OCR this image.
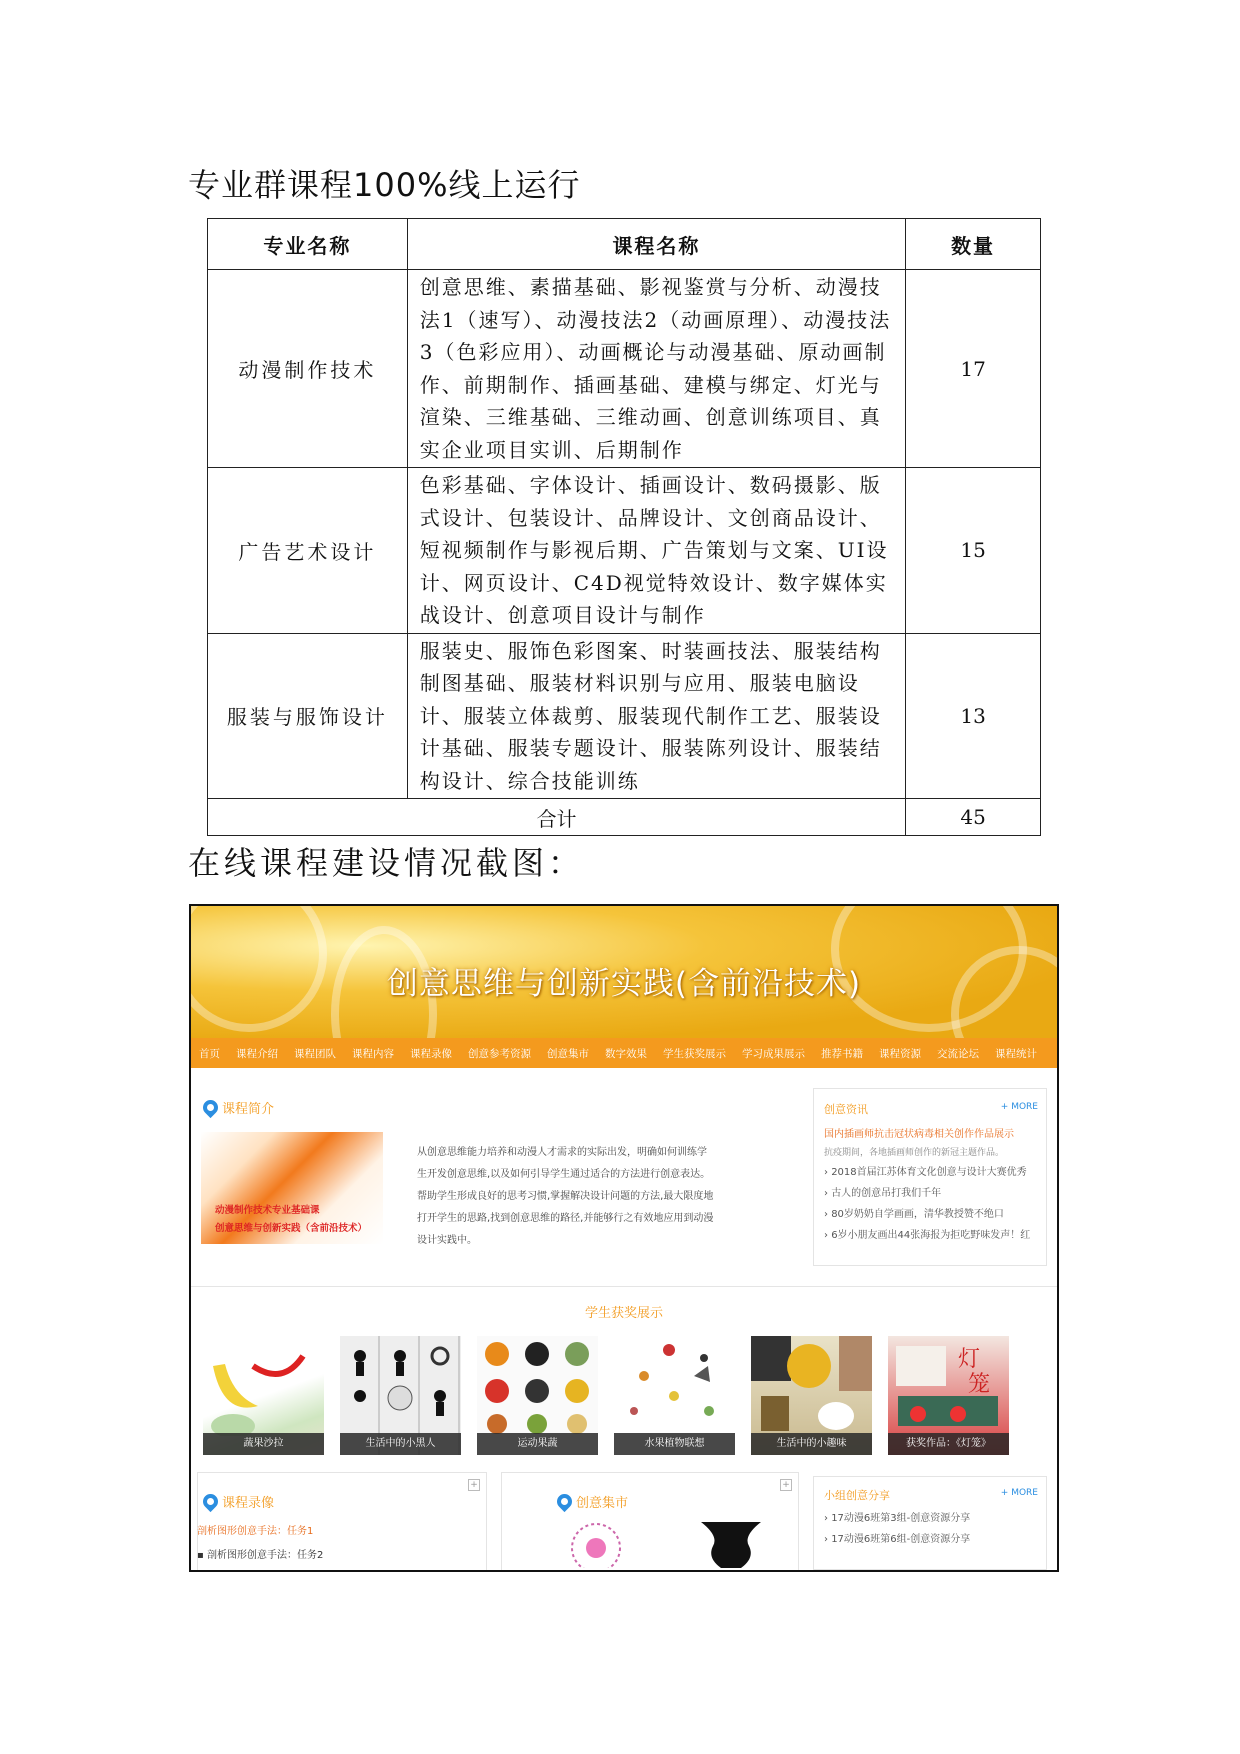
专业群课程100%线上运行
专业名称	课程名称	数量
动漫制作技术	创意思维、素描基础、影视鉴赏与分析、动漫技法1（速写）、动漫技法2（动画原理）、动漫技法3（色彩应用）、动画概论与动漫基础、原动画制作、前期制作、插画基础、建模与绑定、灯光与渲染、三维基础、三维动画、创意训练项目、真实企业项目实训、后期制作	17
广告艺术设计	色彩基础、字体设计、插画设计、数码摄影、版式设计、包装设计、品牌设计、文创商品设计、短视频制作与影视后期、广告策划与文案、UI设计、网页设计、C4D视觉特效设计、数字媒体实战设计、创意项目设计与制作	15
服装与服饰设计	服装史、服饰色彩图案、时装画技法、服装结构制图基础、服装材料识别与应用、服装电脑设计、服装立体裁剪、服装现代制作工艺、服装设计基础、服装专题设计、服装陈列设计、服装结构设计、综合技能训练	13
合计		45
在线课程建设情况截图：
创意思维与创新实践(含前沿技术)
首页	课程介绍	课程团队	课程内容	课程录像	创意参考资源	创意集市	数字效果	学生获奖展示	学习成果展示	推荐书籍	课程资源	交流论坛	课程统计
课程简介
动漫制作技术专业基础课
创意思维与创新实践（含前沿技术）
从创意思维能力培养和动漫人才需求的实际出发，明确如何训练学生开发创意思维,以及如何引导学生通过适合的方法进行创意表达。帮助学生形成良好的思考习惯,掌握解决设计问题的方法,最大限度地打开学生的思路,找到创意思维的路径,并能够行之有效地应用到动漫设计实践中。
创意资讯	+ MORE
国内插画师抗击冠状病毒相关创作作品展示
抗疫期间，各地插画师创作的新冠主题作品。
› 2018首届江苏体育文化创意与设计大赛优秀
› 古人的创意吊打我们千年
› 80岁奶奶自学画画，清华教授赞不绝口
› 6岁小朋友画出44张海报为拒吃野味发声！红
学生获奖展示
蔬果沙拉	生活中的小黑人	运动果蔬	水果植物联想	生活中的小趣味
灯
笼
获奖作品：《灯笼》
+
课程录像
剖析图形创意手法：任务1
▪ 剖析图形创意手法：任务2
+
创意集市
小组创意分享	+ MORE
› 17动漫6班第3组-创意资源分享
› 17动漫6班第6组-创意资源分享
